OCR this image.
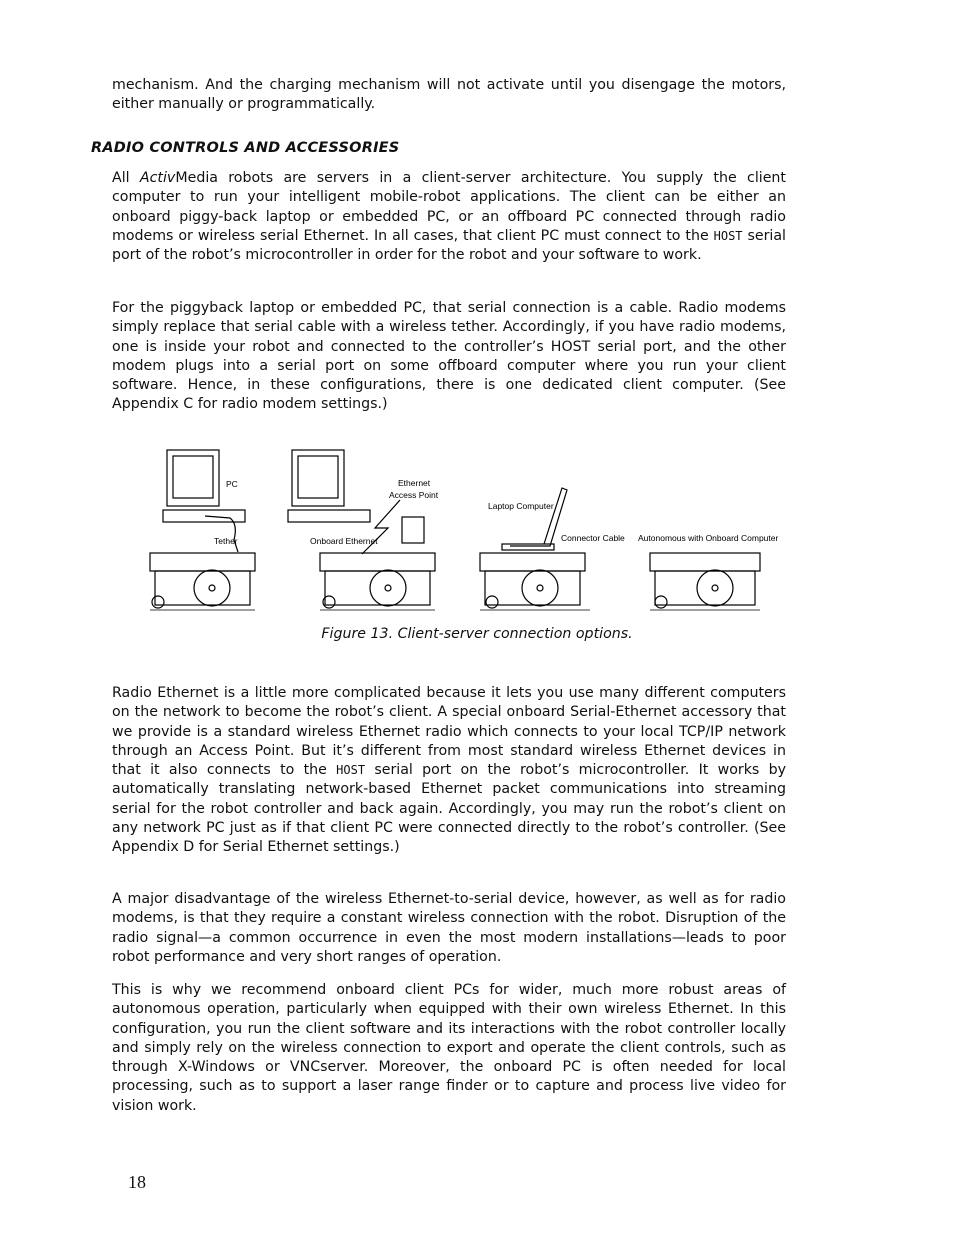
mechanism. And the charging mechanism will not activate until you disengage the motors, either manually or programmatically.

RADIO CONTROLS AND ACCESSORIES

All ActivMedia robots are servers in a client-server architecture. You supply the client computer to run your intelligent mobile-robot applications. The client can be either an onboard piggy-back laptop or embedded PC, or an offboard PC connected through radio modems or wireless serial Ethernet. In all cases, that client PC must connect to the HOST serial port of the robot’s microcontroller in order for the robot and your software to work.

For the piggyback laptop or embedded PC, that serial connection is a cable. Radio modems simply replace that serial cable with a wireless tether. Accordingly, if you have radio modems, one is inside your robot and connected to the controller’s HOST serial port, and the other modem plugs into a serial port on some offboard computer where you run your client software. Hence, in these configurations, there is one dedicated client computer. (See Appendix C for radio modem settings.)

PC
Tether
Ethernet
Access Point
Onboard Ethernet
Laptop Computer
Connector Cable Autonomous with Onboard Computer

Figure 13. Client-server connection options.

Radio Ethernet is a little more complicated because it lets you use many different computers on the network to become the robot’s client. A special onboard Serial-Ethernet accessory that we provide is a standard wireless Ethernet radio which connects to your local TCP/IP network through an Access Point. But it’s different from most standard wireless Ethernet devices in that it also connects to the HOST serial port on the robot’s microcontroller. It works by automatically translating network-based Ethernet packet communications into streaming serial for the robot controller and back again. Accordingly, you may run the robot’s client on any network PC just as if that client PC were connected directly to the robot’s controller. (See Appendix D for Serial Ethernet settings.)

A major disadvantage of the wireless Ethernet-to-serial device, however, as well as for radio modems, is that they require a constant wireless connection with the robot. Disruption of the radio signal—a common occurrence in even the most modern installations—leads to poor robot performance and very short ranges of operation.

This is why we recommend onboard client PCs for wider, much more robust areas of autonomous operation, particularly when equipped with their own wireless Ethernet. In this configuration, you run the client software and its interactions with the robot controller locally and simply rely on the wireless connection to export and operate the client controls, such as through X-Windows or VNCserver. Moreover, the onboard PC is often needed for local processing, such as to support a laser range finder or to capture and process live video for vision work.

18
